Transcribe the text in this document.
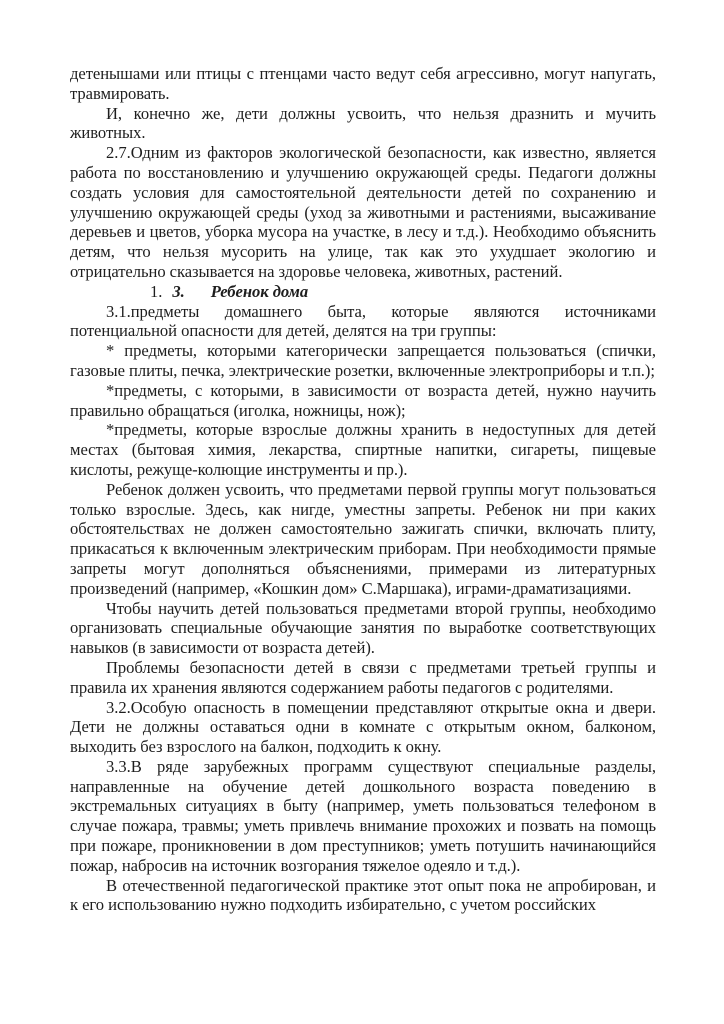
детенышами или птицы с птенцами часто ведут себя агрессивно, могут напугать, травмировать.

И, конечно же, дети должны усвоить, что нельзя дразнить и мучить животных.

2.7.Одним из факторов экологической безопасности, как известно, является работа по восстановлению и улучшению окружающей среды. Педагоги должны создать условия для самостоятельной деятельности детей по сохранению и улучшению окружающей среды (уход за животными и растениями, высаживание деревьев и цветов, уборка мусора на участке, в лесу и т.д.). Необходимо объяснить детям, что нельзя мусорить на улице, так как это ухудшает экологию и отрицательно сказывается на здоровье человека, животных, растений.

1. 3. Ребенок дома

3.1.предметы домашнего быта, которые являются источниками потенциальной опасности для детей, делятся на три группы:

* предметы, которыми категорически запрещается пользоваться (спички, газовые плиты, печка, электрические розетки, включенные электроприборы и т.п.);

*предметы, с которыми, в зависимости от возраста детей, нужно научить правильно обращаться (иголка, ножницы, нож);

*предметы, которые взрослые должны хранить в недоступных для детей местах (бытовая химия, лекарства, спиртные напитки, сигареты, пищевые кислоты, режуще-колющие инструменты и пр.).

Ребенок должен усвоить, что предметами первой группы могут пользоваться только взрослые. Здесь, как нигде, уместны запреты. Ребенок ни при каких обстоятельствах не должен самостоятельно зажигать спички, включать плиту, прикасаться к включенным электрическим приборам. При необходимости прямые запреты могут дополняться объяснениями, примерами из литературных произведений (например, «Кошкин дом» С.Маршака), играми-драматизациями.

Чтобы научить детей пользоваться предметами второй группы, необходимо организовать специальные обучающие занятия по выработке соответствующих навыков (в зависимости от возраста детей).

Проблемы безопасности детей в связи с предметами третьей группы и правила их хранения являются содержанием работы педагогов с родителями.

3.2.Особую опасность в помещении представляют открытые окна и двери. Дети не должны оставаться одни в комнате с открытым окном, балконом, выходить без взрослого на балкон, подходить к окну.

3.3.В ряде зарубежных программ существуют специальные разделы, направленные на обучение детей дошкольного возраста поведению в экстремальных ситуациях в быту (например, уметь пользоваться телефоном в случае пожара, травмы; уметь привлечь внимание прохожих и позвать на помощь при пожаре, проникновении в дом преступников; уметь потушить начинающийся пожар, набросив на источник возгорания тяжелое одеяло и т.д.).

В отечественной педагогической практике этот опыт пока не апробирован, и к его использованию нужно подходить избирательно, с учетом российских
